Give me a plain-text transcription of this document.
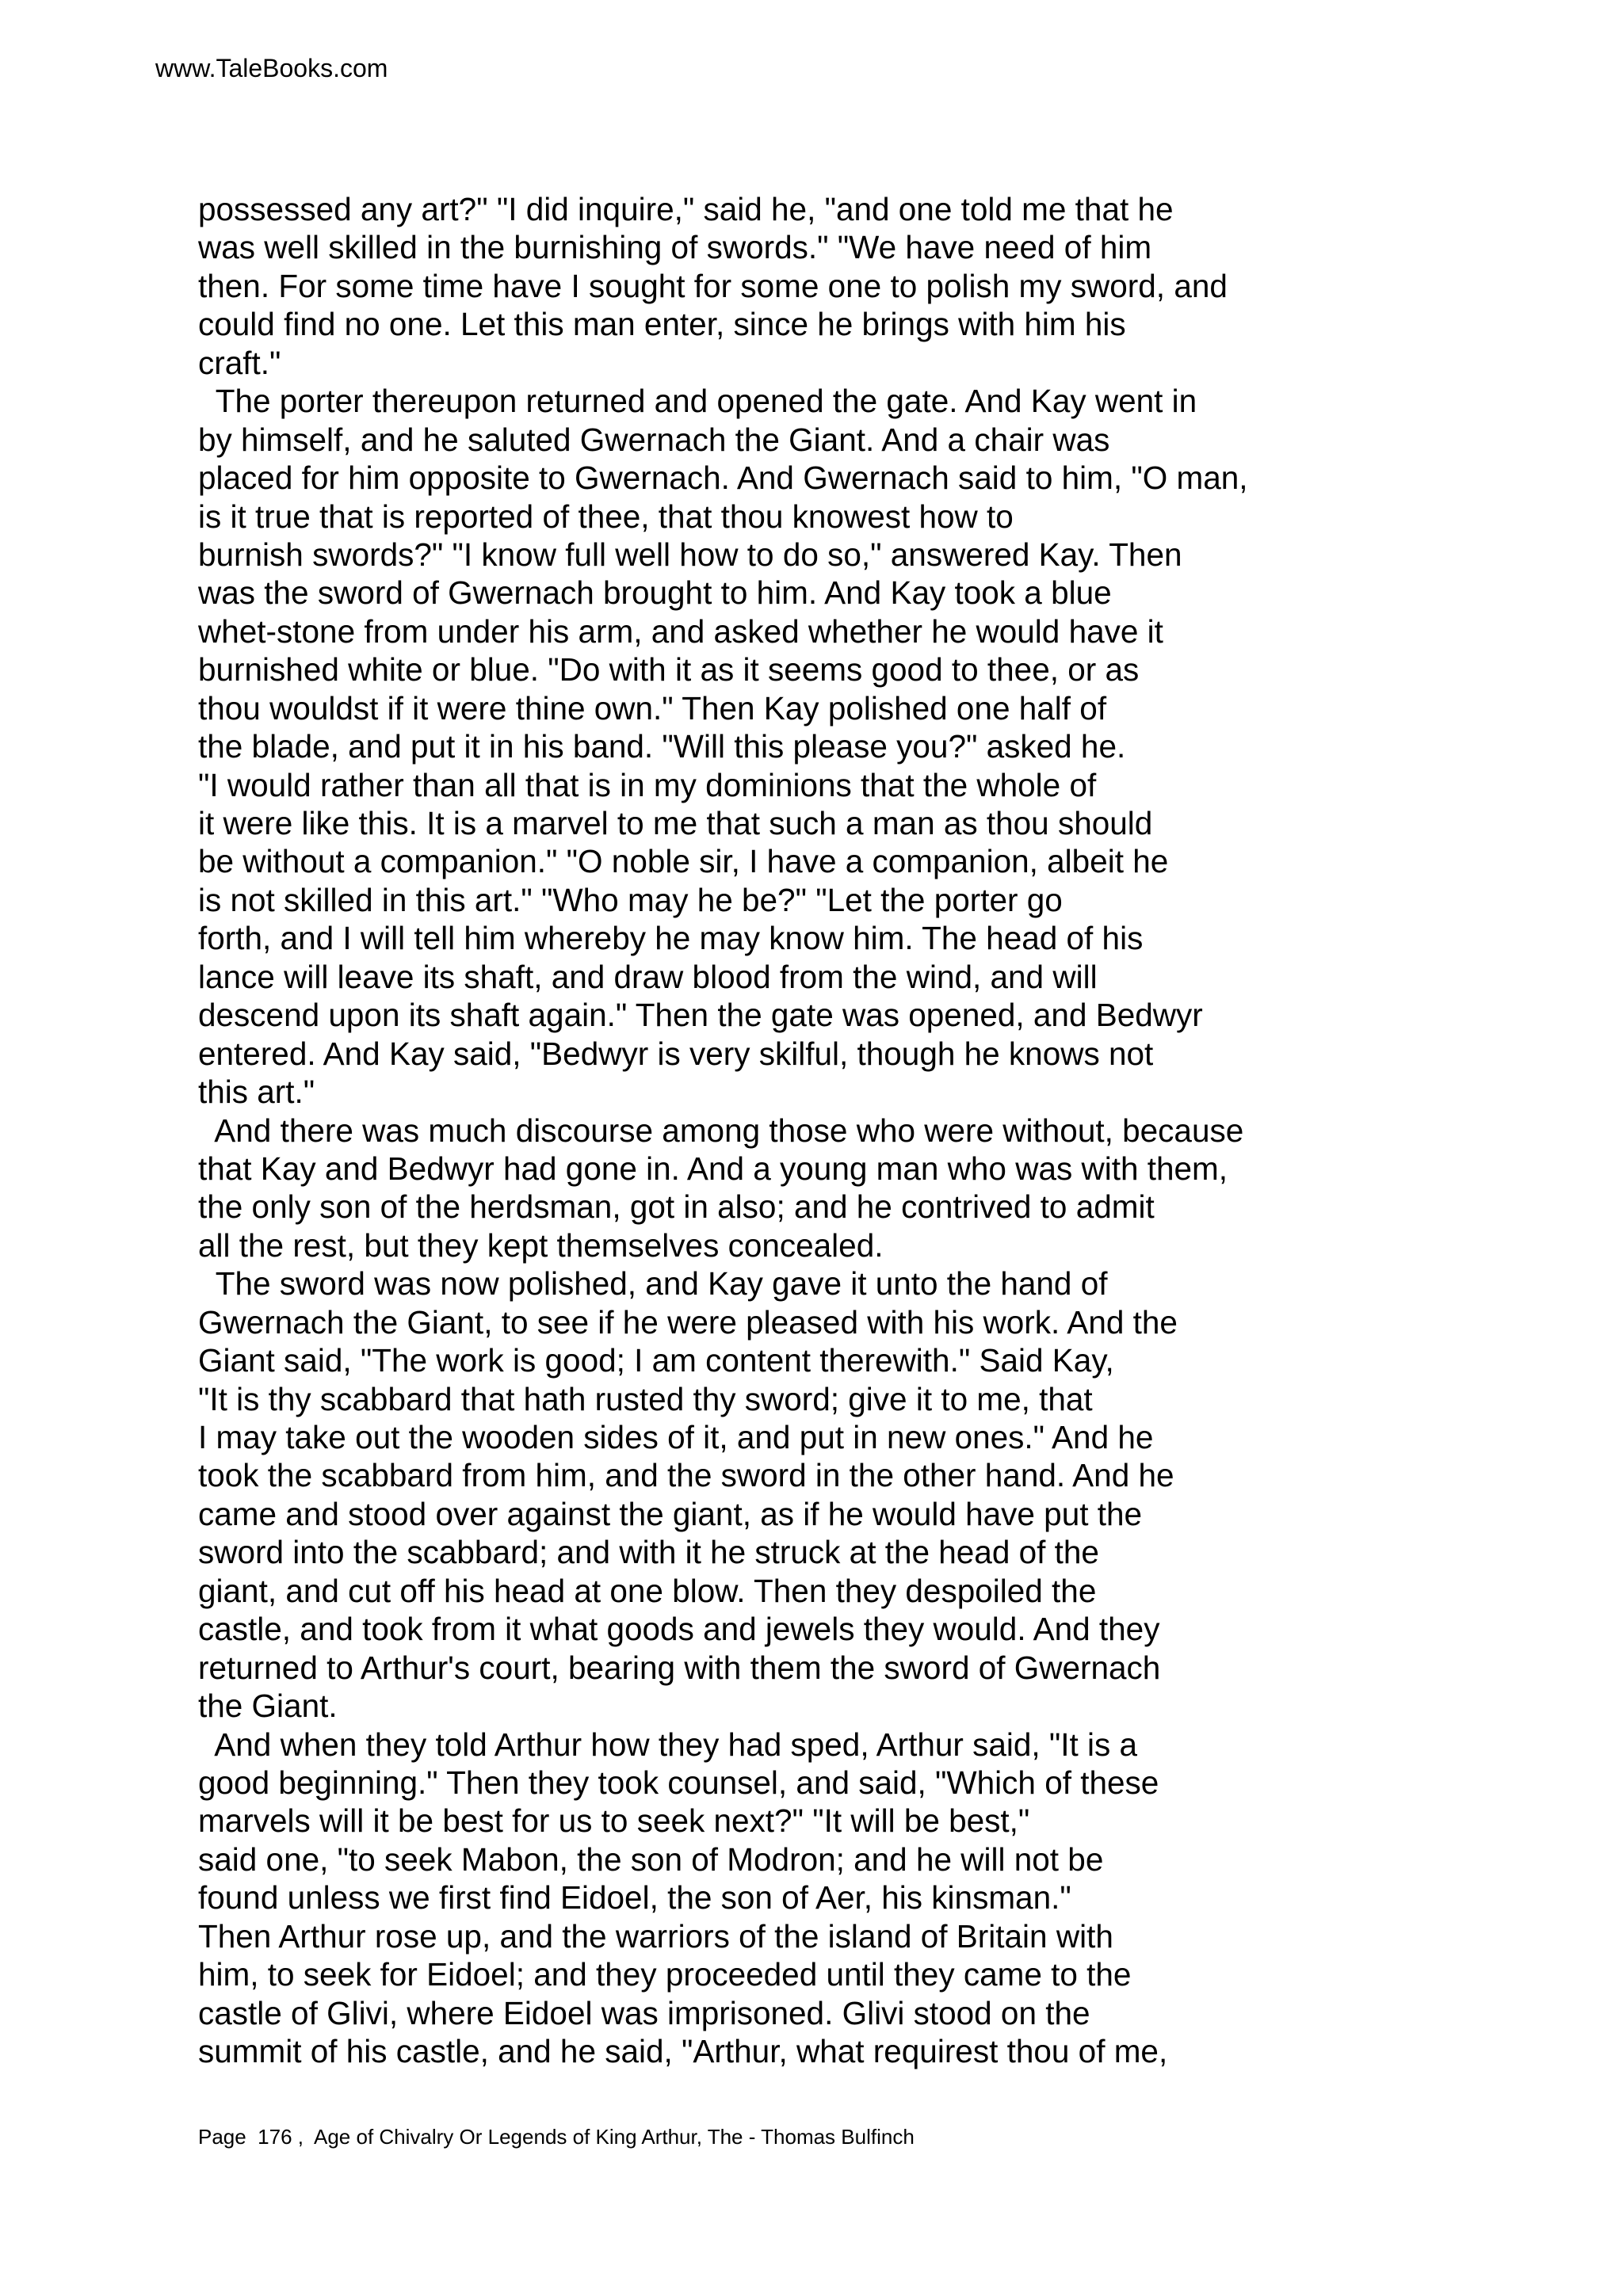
www.TaleBooks.com
possessed any art?" "I did inquire," said he, "and one told me that he
was well skilled in the burnishing of swords." "We have need of him
then. For some time have I sought for some one to polish my sword, and
could find no one. Let this man enter, since he brings with him his
craft."
The porter thereupon returned and opened the gate. And Kay went in
by himself, and he saluted Gwernach the Giant. And a chair was
placed for him opposite to Gwernach. And Gwernach said to him, "O man,
is it true that is reported of thee, that thou knowest how to
burnish swords?" "I know full well how to do so," answered Kay. Then
was the sword of Gwernach brought to him. And Kay took a blue
whet-stone from under his arm, and asked whether he would have it
burnished white or blue. "Do with it as it seems good to thee, or as
thou wouldst if it were thine own." Then Kay polished one half of
the blade, and put it in his band. "Will this please you?" asked he.
"I would rather than all that is in my dominions that the whole of
it were like this. It is a marvel to me that such a man as thou should
be without a companion." "O noble sir, I have a companion, albeit he
is not skilled in this art." "Who may he be?" "Let the porter go
forth, and I will tell him whereby he may know him. The head of his
lance will leave its shaft, and draw blood from the wind, and will
descend upon its shaft again." Then the gate was opened, and Bedwyr
entered. And Kay said, "Bedwyr is very skilful, though he knows not
this art."
And there was much discourse among those who were without, because
that Kay and Bedwyr had gone in. And a young man who was with them,
the only son of the herdsman, got in also; and he contrived to admit
all the rest, but they kept themselves concealed.
The sword was now polished, and Kay gave it unto the hand of
Gwernach the Giant, to see if he were pleased with his work. And the
Giant said, "The work is good; I am content therewith." Said Kay,
"It is thy scabbard that hath rusted thy sword; give it to me, that
I may take out the wooden sides of it, and put in new ones." And he
took the scabbard from him, and the sword in the other hand. And he
came and stood over against the giant, as if he would have put the
sword into the scabbard; and with it he struck at the head of the
giant, and cut off his head at one blow. Then they despoiled the
castle, and took from it what goods and jewels they would. And they
returned to Arthur's court, bearing with them the sword of Gwernach
the Giant.
And when they told Arthur how they had sped, Arthur said, "It is a
good beginning." Then they took counsel, and said, "Which of these
marvels will it be best for us to seek next?" "It will be best,"
said one, "to seek Mabon, the son of Modron; and he will not be
found unless we first find Eidoel, the son of Aer, his kinsman."
Then Arthur rose up, and the warriors of the island of Britain with
him, to seek for Eidoel; and they proceeded until they came to the
castle of Glivi, where Eidoel was imprisoned. Glivi stood on the
summit of his castle, and he said, "Arthur, what requirest thou of me,
Page  176 ,  Age of Chivalry Or Legends of King Arthur, The - Thomas Bulfinch
